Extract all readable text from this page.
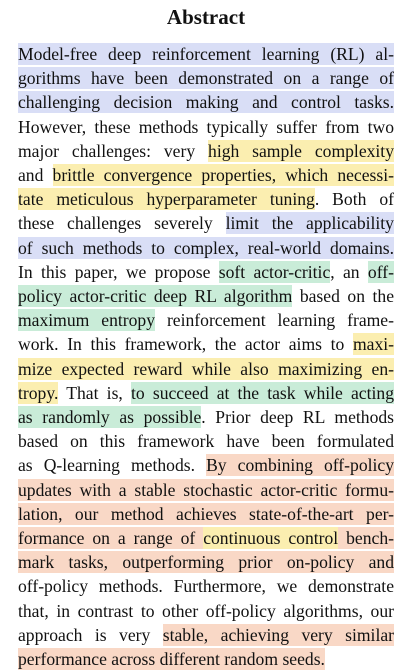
Abstract
Model-free deep reinforcement learning (RL) al-
gorithms have been demonstrated on a range of
challenging decision making and control tasks.
However, these methods typically suffer from two
major challenges: very high sample complexity
and brittle convergence properties, which necessi-
tate meticulous hyperparameter tuning. Both of
these challenges severely limit the applicability
of such methods to complex, real-world domains.
In this paper, we propose soft actor-critic, an off-
policy actor-critic deep RL algorithm based on the
maximum entropy reinforcement learning frame-
work. In this framework, the actor aims to maxi-
mize expected reward while also maximizing en-
tropy. That is, to succeed at the task while acting
as randomly as possible. Prior deep RL methods
based on this framework have been formulated
as Q-learning methods. By combining off-policy
updates with a stable stochastic actor-critic formu-
lation, our method achieves state-of-the-art per-
formance on a range of continuous control bench-
mark tasks, outperforming prior on-policy and
off-policy methods. Furthermore, we demonstrate
that, in contrast to other off-policy algorithms, our
approach is very stable, achieving very similar
performance across different random seeds.
